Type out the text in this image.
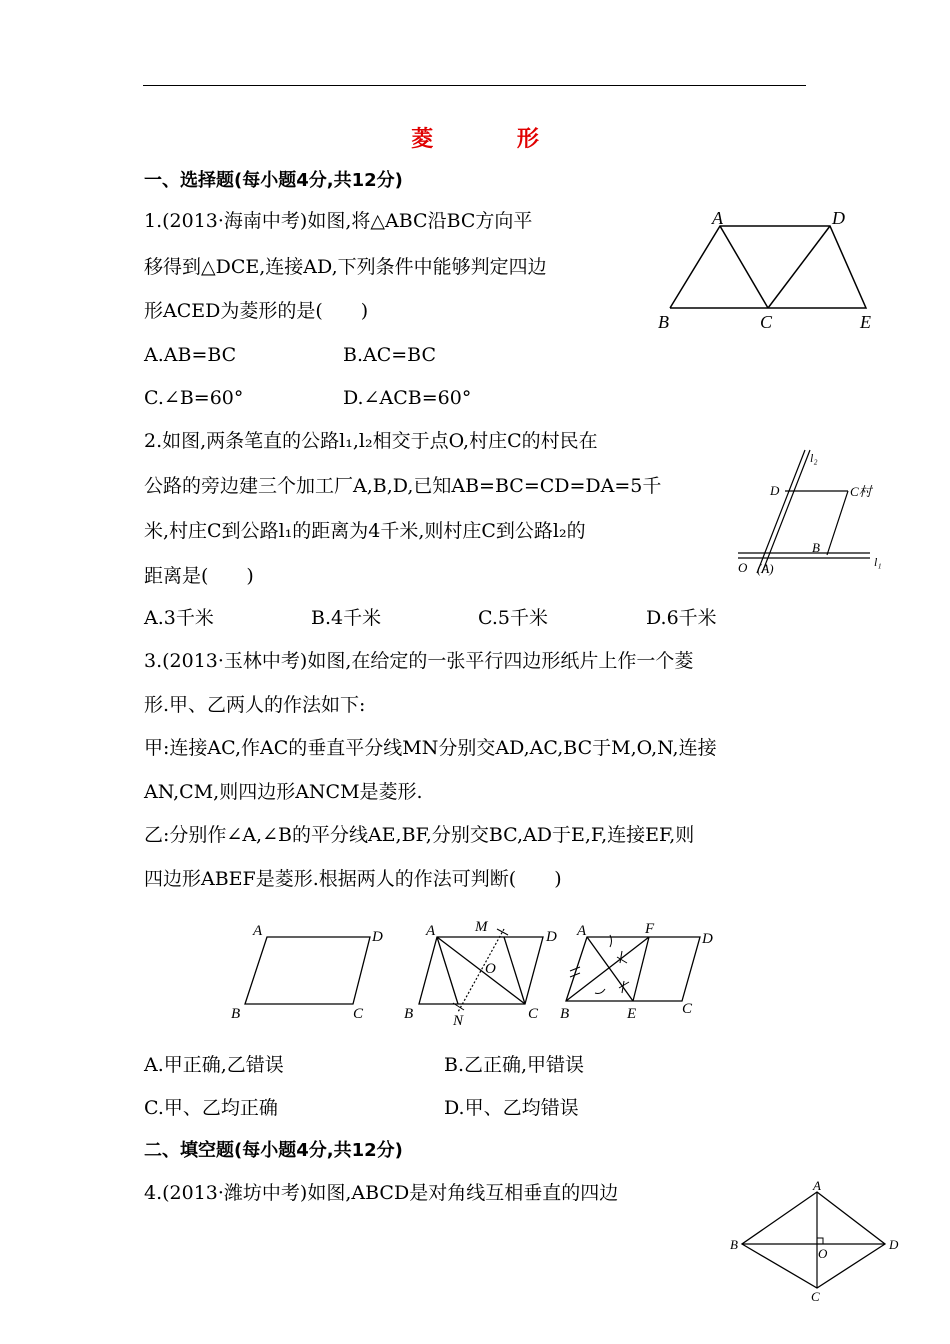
菱 形
一、选择题(每小题4分,共12分)
1.(2013·海南中考)如图,将△ABC沿BC方向平
移得到△DCE,连接AD,下列条件中能够判定四边
形ACED为菱形的是(　　)
A.AB=BC	B.AC=BC
C.∠B=60°	D.∠ACB=60°
A	D
B	C	E
2.如图,两条笔直的公路l₁,l₂相交于点O,村庄C的村民在
公路的旁边建三个加工厂A,B,D,已知AB=BC=CD=DA=5千
米,村庄C到公路l₁的距离为4千米,则村庄C到公路l₂的
距离是(　　)
A.3千米	B.4千米	C.5千米	D.6千米
l₂
D	C村
B
O (A)	l₁
3.(2013·玉林中考)如图,在给定的一张平行四边形纸片上作一个菱
形.甲、乙两人的作法如下:
甲:连接AC,作AC的垂直平分线MN分别交AD,AC,BC于M,O,N,连接
AN,CM,则四边形ANCM是菱形.
乙:分别作∠A,∠B的平分线AE,BF,分别交BC,AD于E,F,连接EF,则
四边形ABEF是菱形.根据两人的作法可判断(　　)
A	D
B	C
A	M
D
O
B	N	C
A	F
D
B	E	C
A.甲正确,乙错误	B.乙正确,甲错误
C.甲、乙均正确	D.甲、乙均错误
二、填空题(每小题4分,共12分)
4.(2013·潍坊中考)如图,ABCD是对角线互相垂直的四边	A
B
O
D
C
